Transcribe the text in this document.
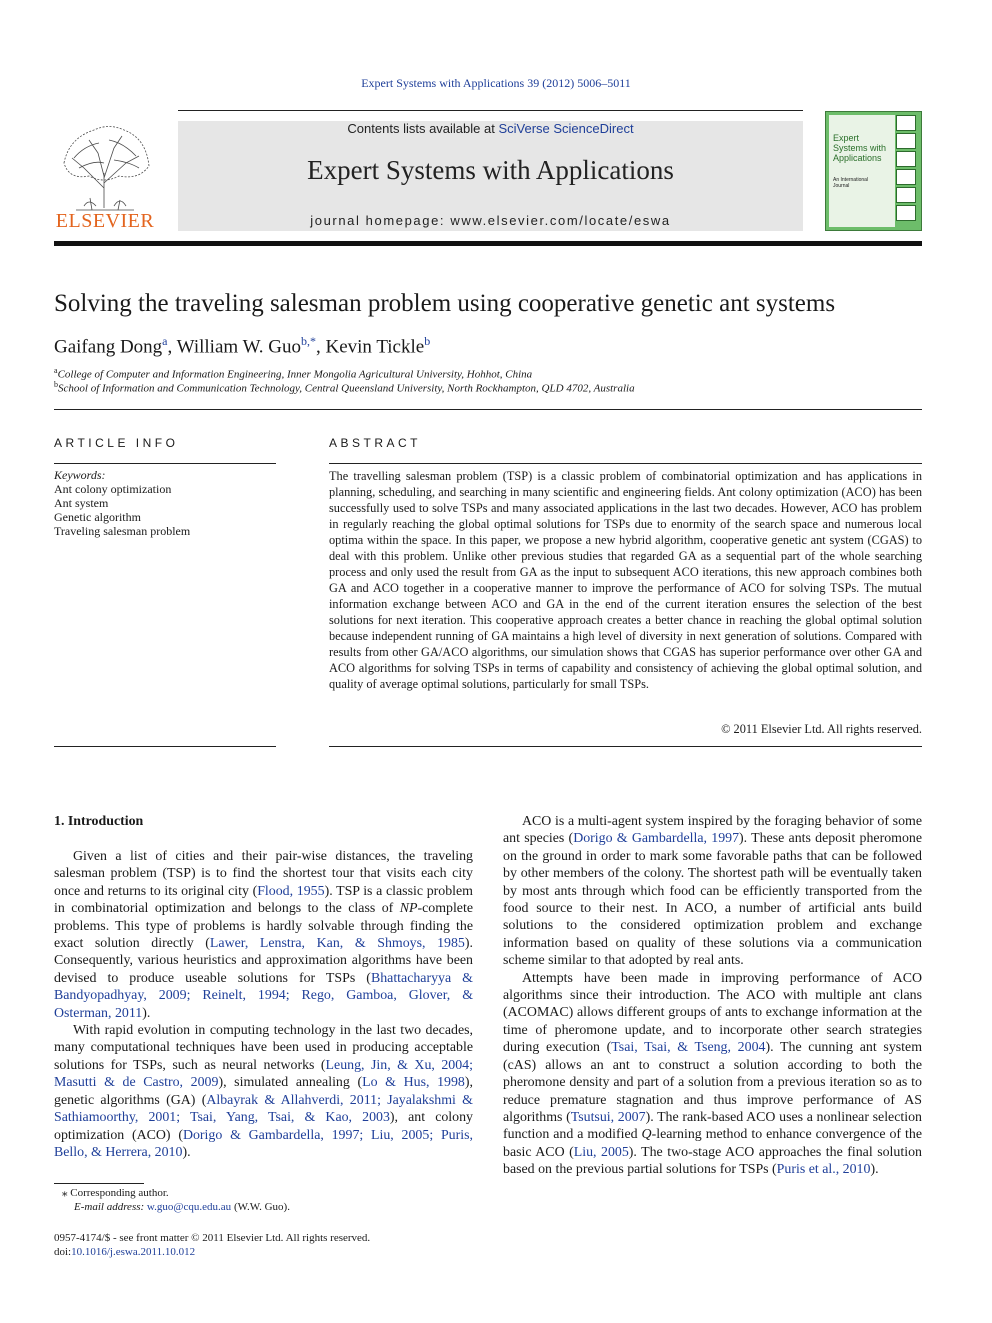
Expert Systems with Applications 39 (2012) 5006–5011
ELSEVIER
Contents lists available at SciVerse ScienceDirect
Expert Systems with Applications
journal homepage: www.elsevier.com/locate/eswa
Expert Systems with Applications
An International Journal
Solving the traveling salesman problem using cooperative genetic ant systems
Gaifang Dong$^a$, William W. Guo$^{b,*}$, Kevin Tickle$^b$
$^a$College of Computer and Information Engineering, Inner Mongolia Agricultural University, Hohhot, China
$^b$School of Information and Communication Technology, Central Queensland University, North Rockhampton, QLD 4702, Australia
ARTICLE INFO
Keywords:
Ant colony optimization
Ant system
Genetic algorithm
Traveling salesman problem
ABSTRACT
The travelling salesman problem (TSP) is a classic problem of combinatorial optimization and has applications in planning, scheduling, and searching in many scientific and engineering fields. Ant colony optimization (ACO) has been successfully used to solve TSPs and many associated applications in the last two decades. However, ACO has problem in regularly reaching the global optimal solutions for TSPs due to enormity of the search space and numerous local optima within the space. In this paper, we propose a new hybrid algorithm, cooperative genetic ant system (CGAS) to deal with this problem. Unlike other previous studies that regarded GA as a sequential part of the whole searching process and only used the result from GA as the input to subsequent ACO iterations, this new approach combines both GA and ACO together in a cooperative manner to improve the performance of ACO for solving TSPs. The mutual information exchange between ACO and GA in the end of the current iteration ensures the selection of the best solutions for next iteration. This cooperative approach creates a better chance in reaching the global optimal solution because independent running of GA maintains a high level of diversity in next generation of solutions. Compared with results from other GA/ACO algorithms, our simulation shows that CGAS has superior performance over other GA and ACO algorithms for solving TSPs in terms of capability and consistency of achieving the global optimal solution, and quality of average optimal solutions, particularly for small TSPs.
© 2011 Elsevier Ltd. All rights reserved.
1. Introduction

Given a list of cities and their pair-wise distances, the traveling salesman problem (TSP) is to find the shortest tour that visits each city once and returns to its original city (Flood, 1955). TSP is a classic problem in combinatorial optimization and belongs to the class of NP-complete problems. This type of problems is hardly solvable through finding the exact solution directly (Lawer, Lenstra, Kan, & Shmoys, 1985). Consequently, various heuristics and approximation algorithms have been devised to produce useable solutions for TSPs (Bhattacharyya & Bandyopadhyay, 2009; Reinelt, 1994; Rego, Gamboa, Glover, & Osterman, 2011).

With rapid evolution in computing technology in the last two decades, many computational techniques have been used in producing acceptable solutions for TSPs, such as neural networks (Leung, Jin, & Xu, 2004; Masutti & de Castro, 2009), simulated annealing (Lo & Hus, 1998), genetic algorithms (GA) (Albayrak & Allahverdi, 2011; Jayalakshmi & Sathiamoorthy, 2001; Tsai, Yang, Tsai, & Kao, 2003), ant colony optimization (ACO) (Dorigo & Gambardella, 1997; Liu, 2005; Puris, Bello, & Herrera, 2010).

ACO is a multi-agent system inspired by the foraging behavior of some ant species (Dorigo & Gambardella, 1997). These ants deposit pheromone on the ground in order to mark some favorable paths that can be followed by other members of the colony. The shortest path will be eventually taken by most ants through which food can be efficiently transported from the food source to their nest. In ACO, a number of artificial ants build solutions to the considered optimization problem and exchange information based on quality of these solutions via a communication scheme similar to that adopted by real ants.

Attempts have been made in improving performance of ACO algorithms since their introduction. The ACO with multiple ant clans (ACOMAC) allows different groups of ants to exchange information at the time of pheromone update, and to incorporate other search strategies during execution (Tsai, Tsai, & Tseng, 2004). The cunning ant system (cAS) allows an ant to construct a solution according to both the pheromone density and part of a solution from a previous iteration so as to reduce premature stagnation and thus improve performance of AS algorithms (Tsutsui, 2007). The rank-based ACO uses a nonlinear selection function and a modified Q-learning method to enhance convergence of the basic ACO (Liu, 2005). The two-stage ACO approaches the final solution based on the previous partial solutions for TSPs (Puris et al., 2010).

⁎ Corresponding author.
E-mail address: w.guo@cqu.edu.au (W.W. Guo).
0957-4174/$ - see front matter © 2011 Elsevier Ltd. All rights reserved.
doi:10.1016/j.eswa.2011.10.012
